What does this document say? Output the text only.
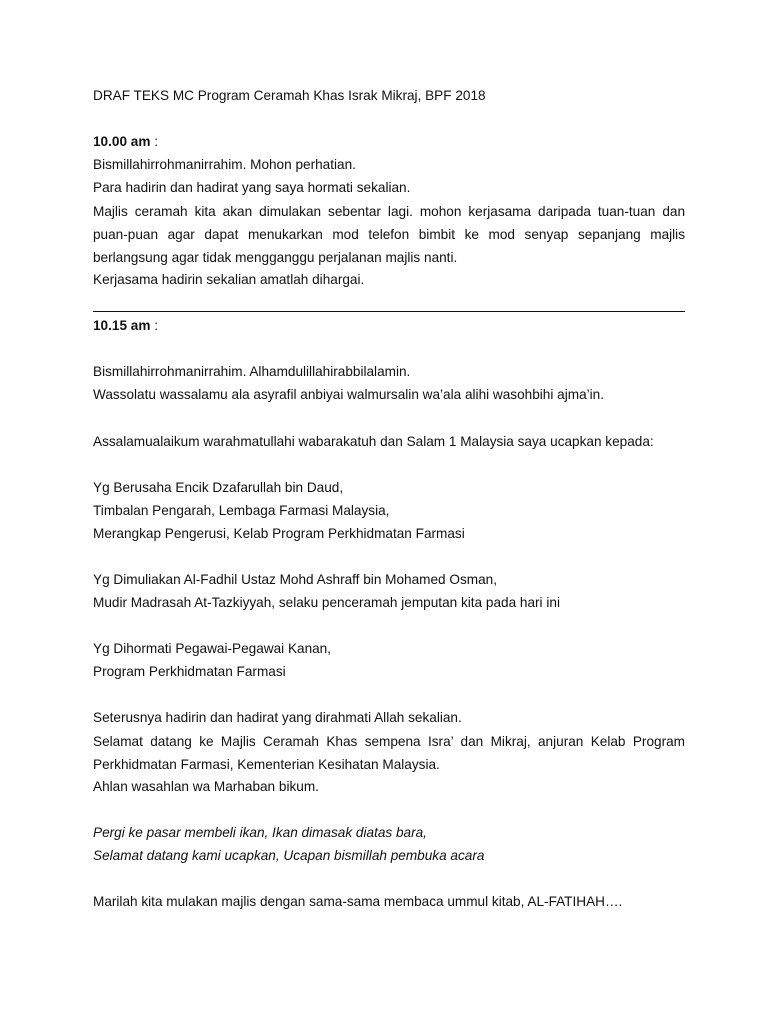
DRAF TEKS MC Program Ceramah Khas Israk Mikraj, BPF 2018
10.00 am :
Bismillahirrohmanirrahim. Mohon perhatian.
Para hadirin dan hadirat yang saya hormati sekalian.
Majlis ceramah kita akan dimulakan sebentar lagi. mohon kerjasama daripada tuan-tuan dan puan-puan agar dapat menukarkan mod telefon bimbit ke mod senyap sepanjang majlis berlangsung agar tidak mengganggu perjalanan majlis nanti.
Kerjasama hadirin sekalian amatlah dihargai.
10.15 am :
Bismillahirrohmanirrahim. Alhamdulillahirabbilalamin.
Wassolatu wassalamu ala asyrafil anbiyai walmursalin wa’ala alihi wasohbihi ajma’in.
Assalamualaikum warahmatullahi wabarakatuh dan Salam 1 Malaysia saya ucapkan kepada:
Yg Berusaha Encik Dzafarullah bin Daud,
Timbalan Pengarah, Lembaga Farmasi Malaysia,
Merangkap Pengerusi, Kelab Program Perkhidmatan Farmasi
Yg Dimuliakan Al-Fadhil Ustaz Mohd Ashraff bin Mohamed Osman,
Mudir Madrasah At-Tazkiyyah, selaku penceramah jemputan kita pada hari ini
Yg Dihormati Pegawai-Pegawai Kanan,
Program Perkhidmatan Farmasi
Seterusnya hadirin dan hadirat yang dirahmati Allah sekalian.
Selamat datang ke Majlis Ceramah Khas sempena Isra’ dan Mikraj, anjuran Kelab Program Perkhidmatan Farmasi, Kementerian Kesihatan Malaysia.
Ahlan wasahlan wa Marhaban bikum.
Pergi ke pasar membeli ikan, Ikan dimasak diatas bara,
Selamat datang kami ucapkan, Ucapan bismillah pembuka acara
Marilah kita mulakan majlis dengan sama-sama membaca ummul kitab, AL-FATIHAH….
